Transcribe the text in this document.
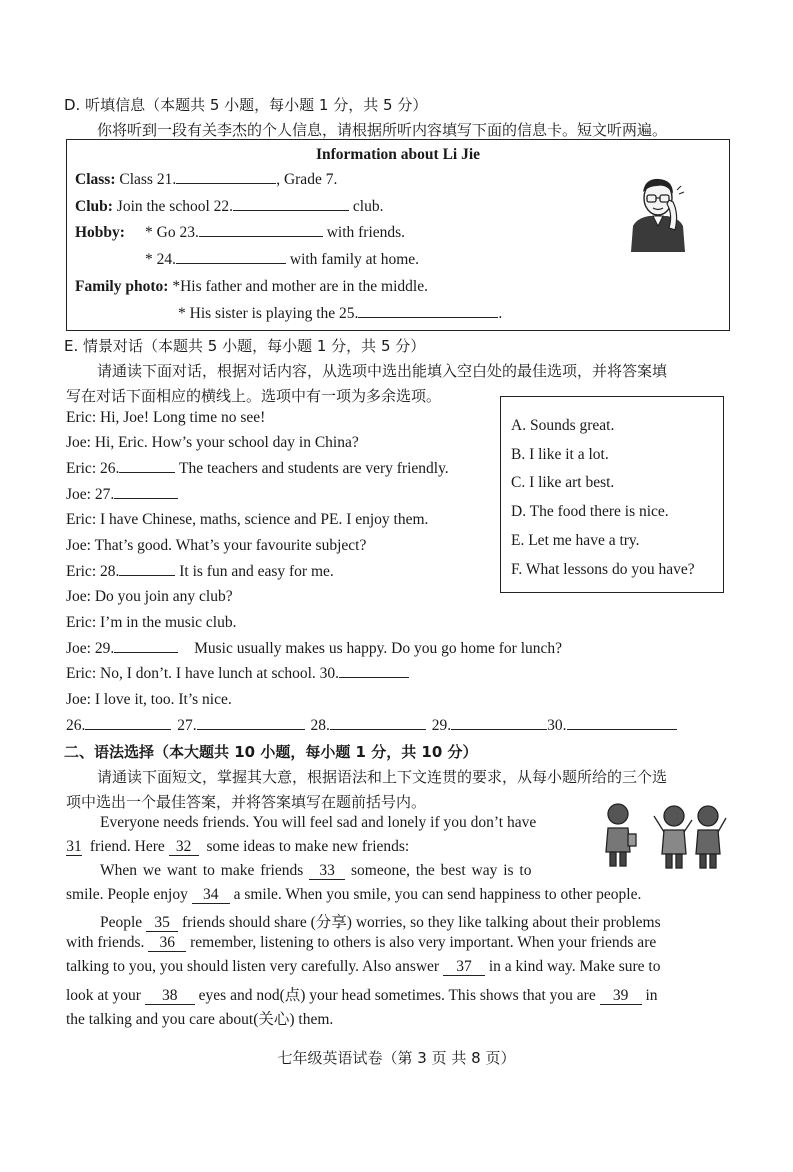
D. 听填信息（本题共 5 小题，每小题 1 分，共 5 分）
你将听到一段有关李杰的个人信息，请根据所听内容填写下面的信息卡。短文听两遍。
Information about Li Jie
Class: Class 21.	, Grade 7.
Club: Join the school 22.	club.
Hobby: * Go 23.	with friends.
* 24.	with family at home.
Family photo: *His father and mother are in the middle.
* His sister is playing the 25.	.
E. 情景对话（本题共 5 小题，每小题 1 分，共 5 分）
请通读下面对话，根据对话内容，从选项中选出能填入空白处的最佳选项，并将答案填
写在对话下面相应的横线上。选项中有一项为多余选项。
Eric: Hi, Joe! Long time no see!
Joe: Hi, Eric. How’s your school day in China?
Eric: 26.	The teachers and students are very friendly.
Joe: 27.
Eric: I have Chinese, maths, science and PE. I enjoy them.
Joe: That’s good. What’s your favourite subject?
Eric: 28.	It is fun and easy for me.
Joe: Do you join any club?
Eric: I’m in the music club.
Joe: 29.	Music usually makes us happy. Do you go home for lunch?
Eric: No, I don’t. I have lunch at school. 30.
Joe: I love it, too. It’s nice.
A. Sounds great.
B. I like it a lot.
C. I like art best.
D. The food there is nice.
E. Let me have a try.
F. What lessons do you have?
26.	27.	28.	29.	30.
二、语法选择（本大题共 10 小题，每小题 1 分，共 10 分）
请通读下面短文，掌握其大意，根据语法和上下文连贯的要求，从每小题所给的三个选
项中选出一个最佳答案，并将答案填写在题前括号内。
Everyone needs friends. You will feel sad and lonely if you don’t have
31 friend. Here 32 some ideas to make new friends:
When we want to make friends 33 someone, the best way is to
smile. People enjoy 34 a smile. When you smile, you can send happiness to other people.
People 35 friends should share (分享) worries, so they like talking about their problems
with friends. 36 remember, listening to others is also very important. When your friends are
talking to you, you should listen very carefully. Also answer 37 in a kind way. Make sure to
look at your 38 eyes and nod(点) your head sometimes. This shows that you are 39 in
the talking and you care about(关心) them.
七年级英语试卷（第 3 页 共 8 页）
